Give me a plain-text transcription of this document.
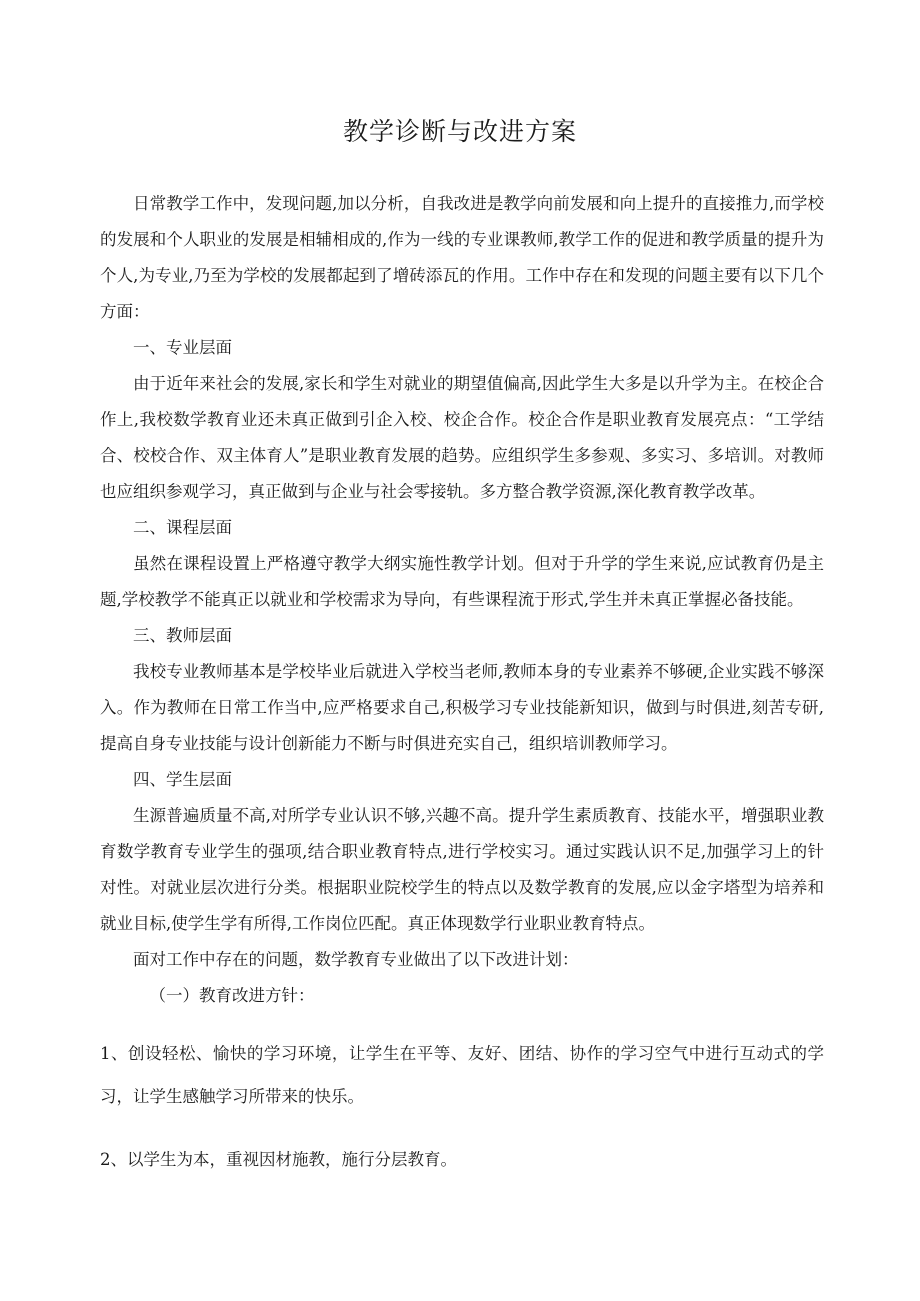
教学诊断与改进方案

日常教学工作中，发现问题,加以分析，自我改进是教学向前发展和向上提升的直接推力,而学校的发展和个人职业的发展是相辅相成的,作为一线的专业课教师,教学工作的促进和教学质量的提升为个人,为专业,乃至为学校的发展都起到了增砖添瓦的作用。工作中存在和发现的问题主要有以下几个方面：

一、专业层面

由于近年来社会的发展,家长和学生对就业的期望值偏高,因此学生大多是以升学为主。在校企合作上,我校数学教育业还未真正做到引企入校、校企合作。校企合作是职业教育发展亮点：“工学结合、校校合作、双主体育人”是职业教育发展的趋势。应组织学生多参观、多实习、多培训。对教师也应组织参观学习，真正做到与企业与社会零接轨。多方整合教学资源,深化教育教学改革。

二、课程层面

虽然在课程设置上严格遵守教学大纲实施性教学计划。但对于升学的学生来说,应试教育仍是主题,学校教学不能真正以就业和学校需求为导向，有些课程流于形式,学生并未真正掌握必备技能。

三、教师层面

我校专业教师基本是学校毕业后就进入学校当老师,教师本身的专业素养不够硬,企业实践不够深入。作为教师在日常工作当中,应严格要求自己,积极学习专业技能新知识，做到与时俱进,刻苦专研,提高自身专业技能与设计创新能力不断与时俱进充实自己，组织培训教师学习。

四、学生层面

生源普遍质量不高,对所学专业认识不够,兴趣不高。提升学生素质教育、技能水平，增强职业教育数学教育专业学生的强项,结合职业教育特点,进行学校实习。通过实践认识不足,加强学习上的针对性。对就业层次进行分类。根据职业院校学生的特点以及数学教育的发展,应以金字塔型为培养和就业目标,使学生学有所得,工作岗位匹配。真正体现数学行业职业教育特点。

面对工作中存在的问题，数学教育专业做出了以下改进计划：

（一）教育改进方针：

1、创设轻松、愉快的学习环境，让学生在平等、友好、团结、协作的学习空气中进行互动式的学习，让学生感触学习所带来的快乐。

2、以学生为本，重视因材施教，施行分层教育。
